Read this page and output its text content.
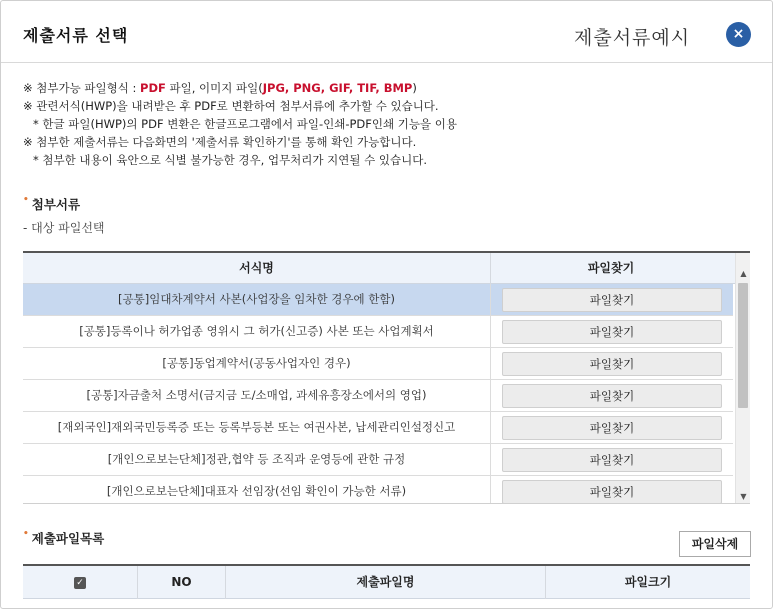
제출서류 선택	제출서류예시	×
※ 첨부가능 파일형식 : PDF 파일, 이미지 파일(JPG, PNG, GIF, TIF, BMP)
※ 관련서식(HWP)을 내려받은 후 PDF로 변환하여 첨부서류에 추가할 수 있습니다.
* 한글 파일(HWP)의 PDF 변환은 한글프로그램에서 파일-인쇄-PDF인쇄 기능을 이용
※ 첨부한 제출서류는 다음화면의 '제출서류 확인하기'를 통해 확인 가능합니다.
* 첨부한 내용이 육안으로 식별 불가능한 경우, 업무처리가 지연될 수 있습니다.
• 첨부서류
- 대상 파일선택
서식명	파일찾기
[공통]임대차계약서 사본(사업장을 임차한 경우에 한함)	파일찾기
[공통]등록이나 허가업종 영위시 그 허가(신고증) 사본 또는 사업계획서	파일찾기
[공통]동업계약서(공동사업자인 경우)	파일찾기
[공통]자금출처 소명서(금지금 도/소매업, 과세유흥장소에서의 영업)	파일찾기
[재외국인]재외국민등록증 또는 등록부등본 또는 여권사본, 납세관리인설정신고	파일찾기
[개인으로보는단체]정관,협약 등 조직과 운영등에 관한 규정	파일찾기
[개인으로보는단체]대표자 선임장(선임 확인이 가능한 서류)	파일찾기
▲
▼
• 제출파일목록	파일삭제
✓	NO	제출파일명	파일크기
